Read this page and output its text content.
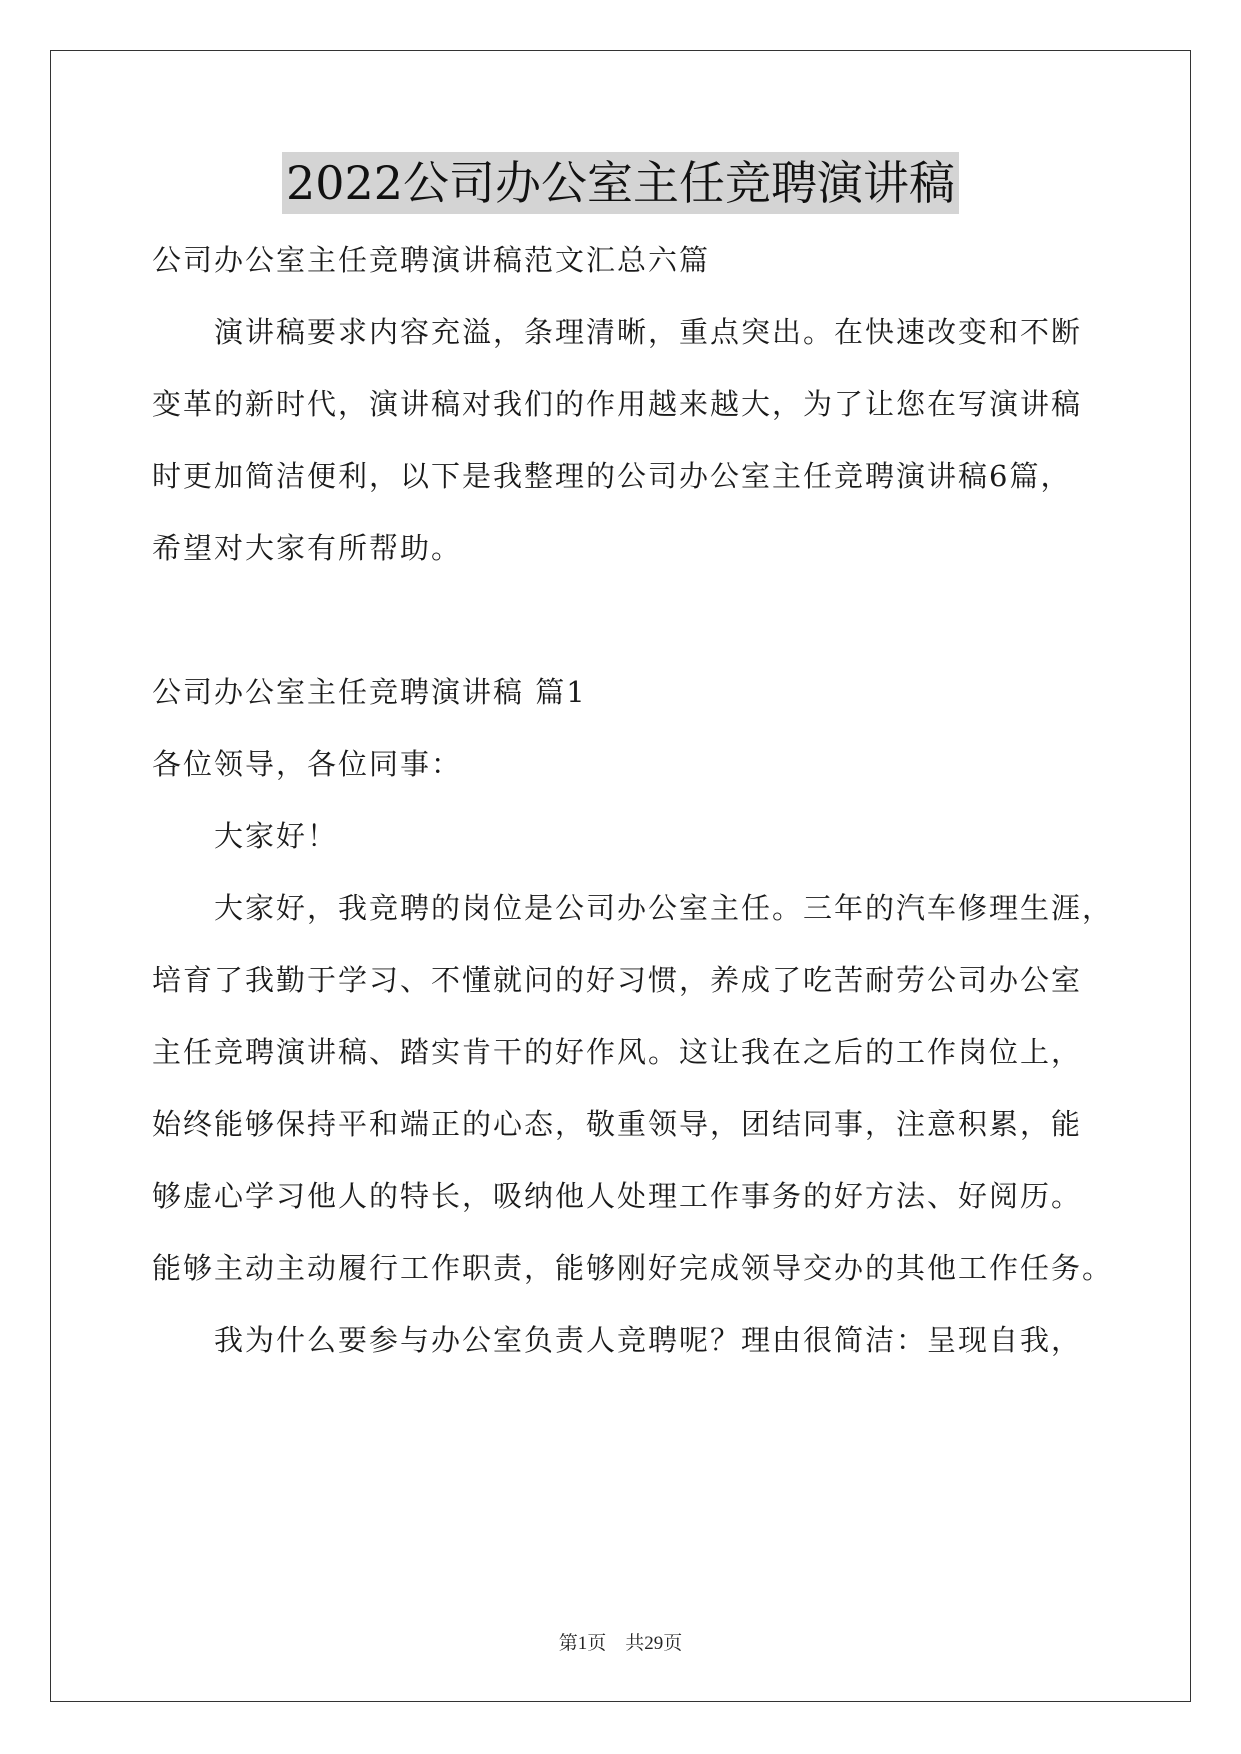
2022公司办公室主任竞聘演讲稿
公司办公室主任竞聘演讲稿范文汇总六篇
演讲稿要求内容充溢，条理清晰，重点突出。在快速改变和不断
变革的新时代，演讲稿对我们的作用越来越大，为了让您在写演讲稿
时更加简洁便利，以下是我整理的公司办公室主任竞聘演讲稿6篇，
希望对大家有所帮助。
公司办公室主任竞聘演讲稿 篇1
各位领导，各位同事：
大家好！
大家好，我竞聘的岗位是公司办公室主任。三年的汽车修理生涯，
培育了我勤于学习、不懂就问的好习惯，养成了吃苦耐劳公司办公室
主任竞聘演讲稿、踏实肯干的好作风。这让我在之后的工作岗位上，
始终能够保持平和端正的心态，敬重领导，团结同事，注意积累，能
够虚心学习他人的特长，吸纳他人处理工作事务的好方法、好阅历。
能够主动主动履行工作职责，能够刚好完成领导交办的其他工作任务。
我为什么要参与办公室负责人竞聘呢？理由很简洁：呈现自我，
第1页　共29页
